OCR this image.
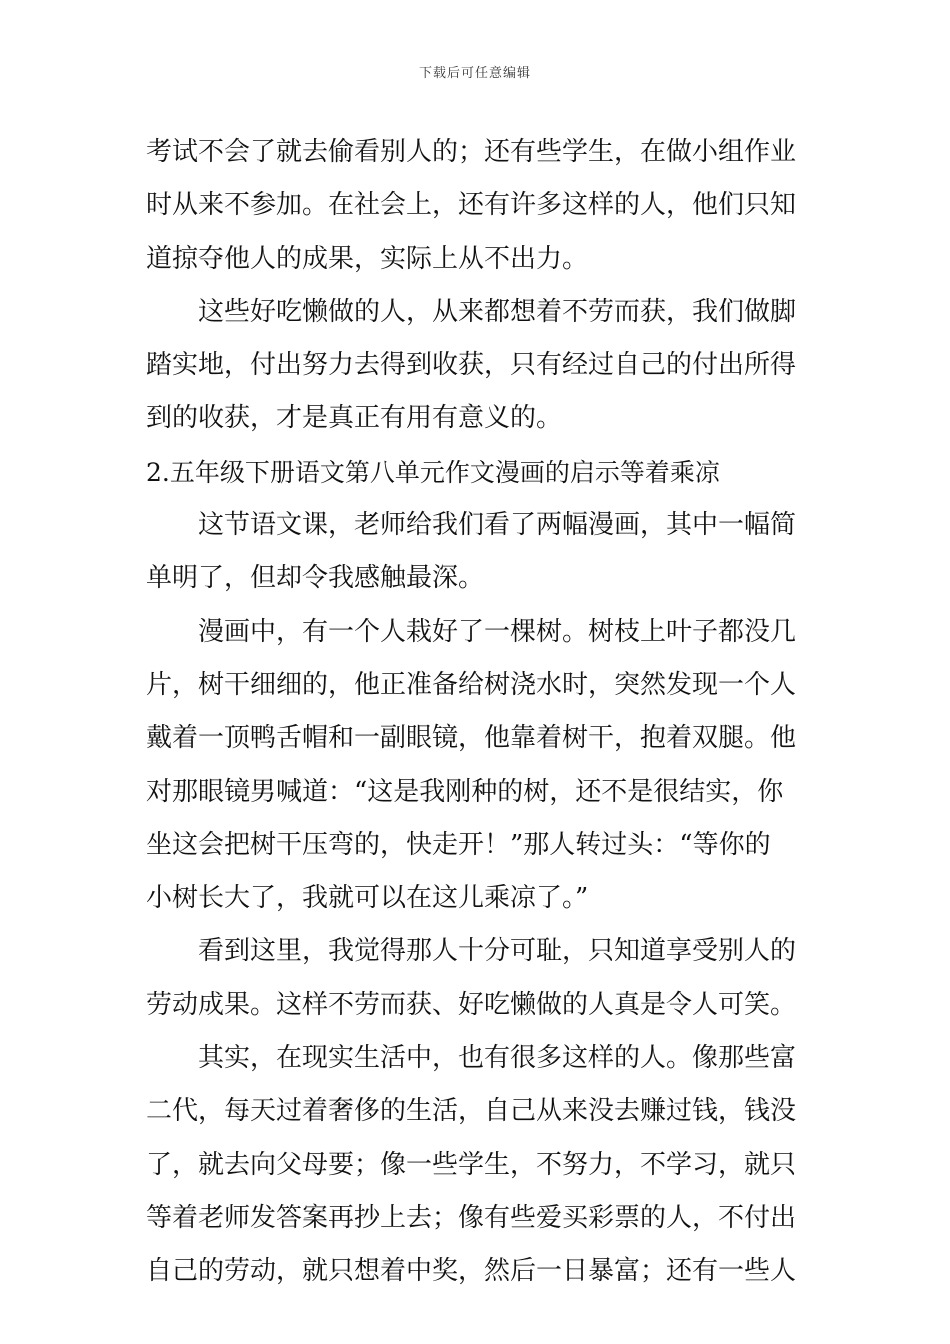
下载后可任意编辑
考试不会了就去偷看别人的；还有些学生，在做小组作业
时从来不参加。在社会上，还有许多这样的人，他们只知
道掠夺他人的成果，实际上从不出力。
这些好吃懒做的人，从来都想着不劳而获，我们做脚
踏实地，付出努力去得到收获，只有经过自己的付出所得
到的收获，才是真正有用有意义的。
2.五年级下册语文第八单元作文漫画的启示等着乘凉
这节语文课，老师给我们看了两幅漫画，其中一幅简
单明了，但却令我感触最深。
漫画中，有一个人栽好了一棵树。树枝上叶子都没几
片，树干细细的，他正准备给树浇水时，突然发现一个人
戴着一顶鸭舌帽和一副眼镜，他靠着树干，抱着双腿。他
对那眼镜男喊道：“这是我刚种的树，还不是很结实，你
坐这会把树干压弯的，快走开！”那人转过头：“等你的
小树长大了，我就可以在这儿乘凉了。”
看到这里，我觉得那人十分可耻，只知道享受别人的
劳动成果。这样不劳而获、好吃懒做的人真是令人可笑。
其实，在现实生活中，也有很多这样的人。像那些富
二代，每天过着奢侈的生活，自己从来没去赚过钱，钱没
了，就去向父母要；像一些学生，不努力，不学习，就只
等着老师发答案再抄上去；像有些爱买彩票的人，不付出
自己的劳动，就只想着中奖，然后一日暴富；还有一些人
